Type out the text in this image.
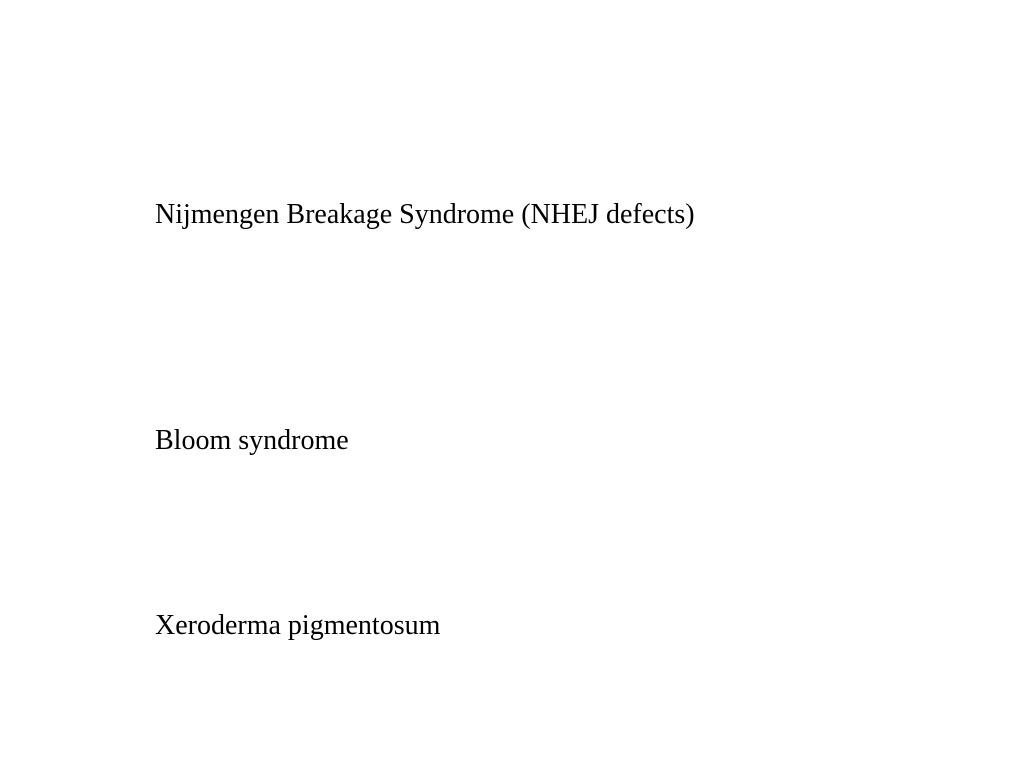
Nijmengen Breakage Syndrome (NHEJ defects)

Bloom syndrome

Xeroderma pigmentosum
